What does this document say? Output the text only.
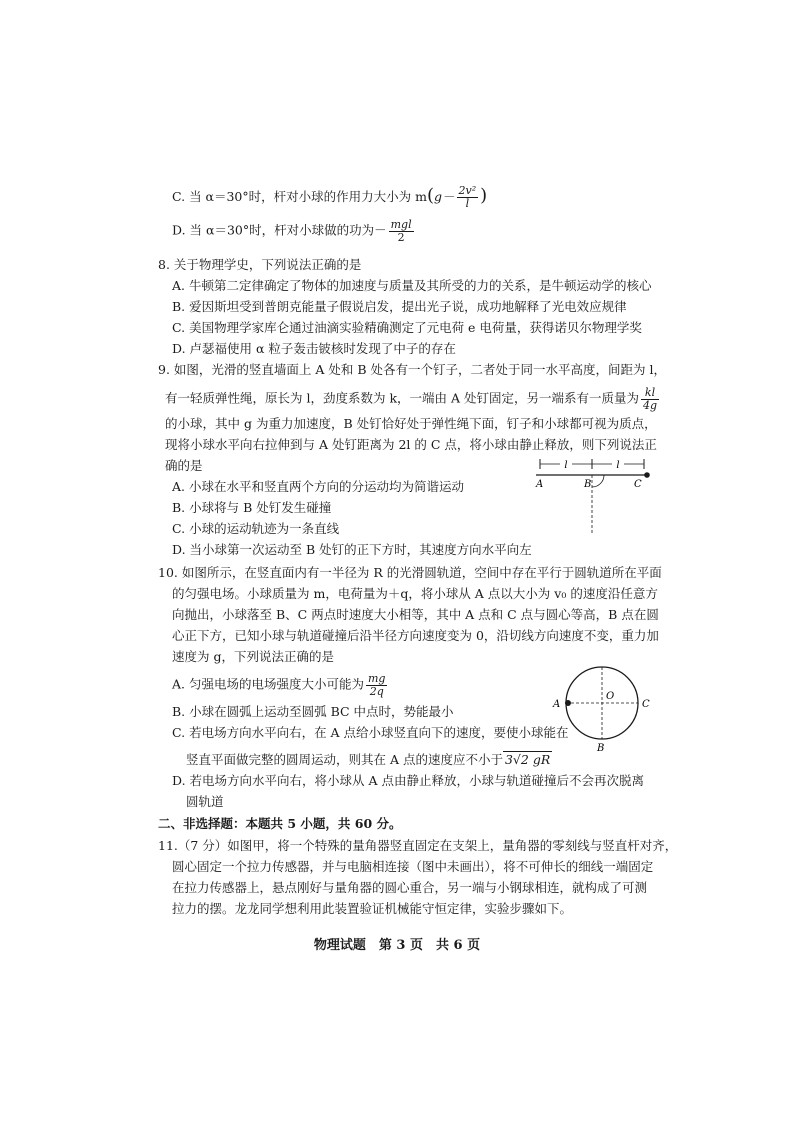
C. 当 α＝30°时，杆对小球的作用力大小为 $m(g- \frac{\text{2v²}}{l}$ )
D. 当 α＝30°时，杆对小球做的功为－ $\frac{\text{mgl}}{2}$
8. 关于物理学史，下列说法正确的是
A. 牛顿第二定律确定了物体的加速度与质量及其所受的力的关系，是牛顿运动学的核心
B. 爱因斯坦受到普朗克能量子假说启发，提出光子说，成功地解释了光电效应规律
C. 美国物理学家库仑通过油滴实验精确测定了元电荷 e 电荷量，获得诺贝尔物理学奖
D. 卢瑟福使用 α 粒子轰击铍核时发现了中子的存在
9. 如图，光滑的竖直墙面上 A 处和 B 处各有一个钉子，二者处于同一水平高度，间距为 l，
有一轻质弹性绳，原长为 l，劲度系数为 k，一端由 A 处钉固定，另一端系有一质量为 $\frac{kl}{4g}$
的小球，其中 g 为重力加速度，B 处钉恰好处于弹性绳下面，钉子和小球都可视为质点，
现将小球水平向右拉伸到与 A 处钉距离为 2l 的 C 点，将小球由静止释放，则下列说法正
确的是
A. 小球在水平和竖直两个方向的分运动均为简谐运动
B. 小球将与 B 处钉发生碰撞
C. 小球的运动轨迹为一条直线
D. 当小球第一次运动至 B 处钉的正下方时，其速度方向水平向左
l	l
A	B	C
10. 如图所示，在竖直面内有一半径为 R 的光滑圆轨道，空间中存在平行于圆轨道所在平面
的匀强电场。小球质量为 m，电荷量为＋q，将小球从 A 点以大小为 v₀ 的速度沿任意方
向抛出，小球落至 B、C 两点时速度大小相等，其中 A 点和 C 点与圆心等高，B 点在圆
心正下方，已知小球与轨道碰撞后沿半径方向速度变为 0，沿切线方向速度不变，重力加
速度为 g，下列说法正确的是
A. 匀强电场的电场强度大小可能为 $\frac{mg}{2q}$
B. 小球在圆弧上运动至圆弧 BC 中点时，势能最小
C. 若电场方向水平向右，在 A 点给小球竖直向下的速度，要使小球能在
竖直平面做完整的圆周运动，则其在 A 点的速度应不小于 3√2 gR
D. 若电场方向水平向右，将小球从 A 点由静止释放，小球与轨道碰撞后不会再次脱离
圆轨道
A	C
B
O
二、非选择题：本题共 5 小题，共 60 分。
11.（7 分）如图甲，将一个特殊的量角器竖直固定在支架上，量角器的零刻线与竖直杆对齐，
圆心固定一个拉力传感器，并与电脑相连接（图中未画出），将不可伸长的细线一端固定
在拉力传感器上，悬点刚好与量角器的圆心重合，另一端与小钢球相连，就构成了可测
拉力的摆。龙龙同学想利用此装置验证机械能守恒定律，实验步骤如下。
物理试题　第 3 页　共 6 页
